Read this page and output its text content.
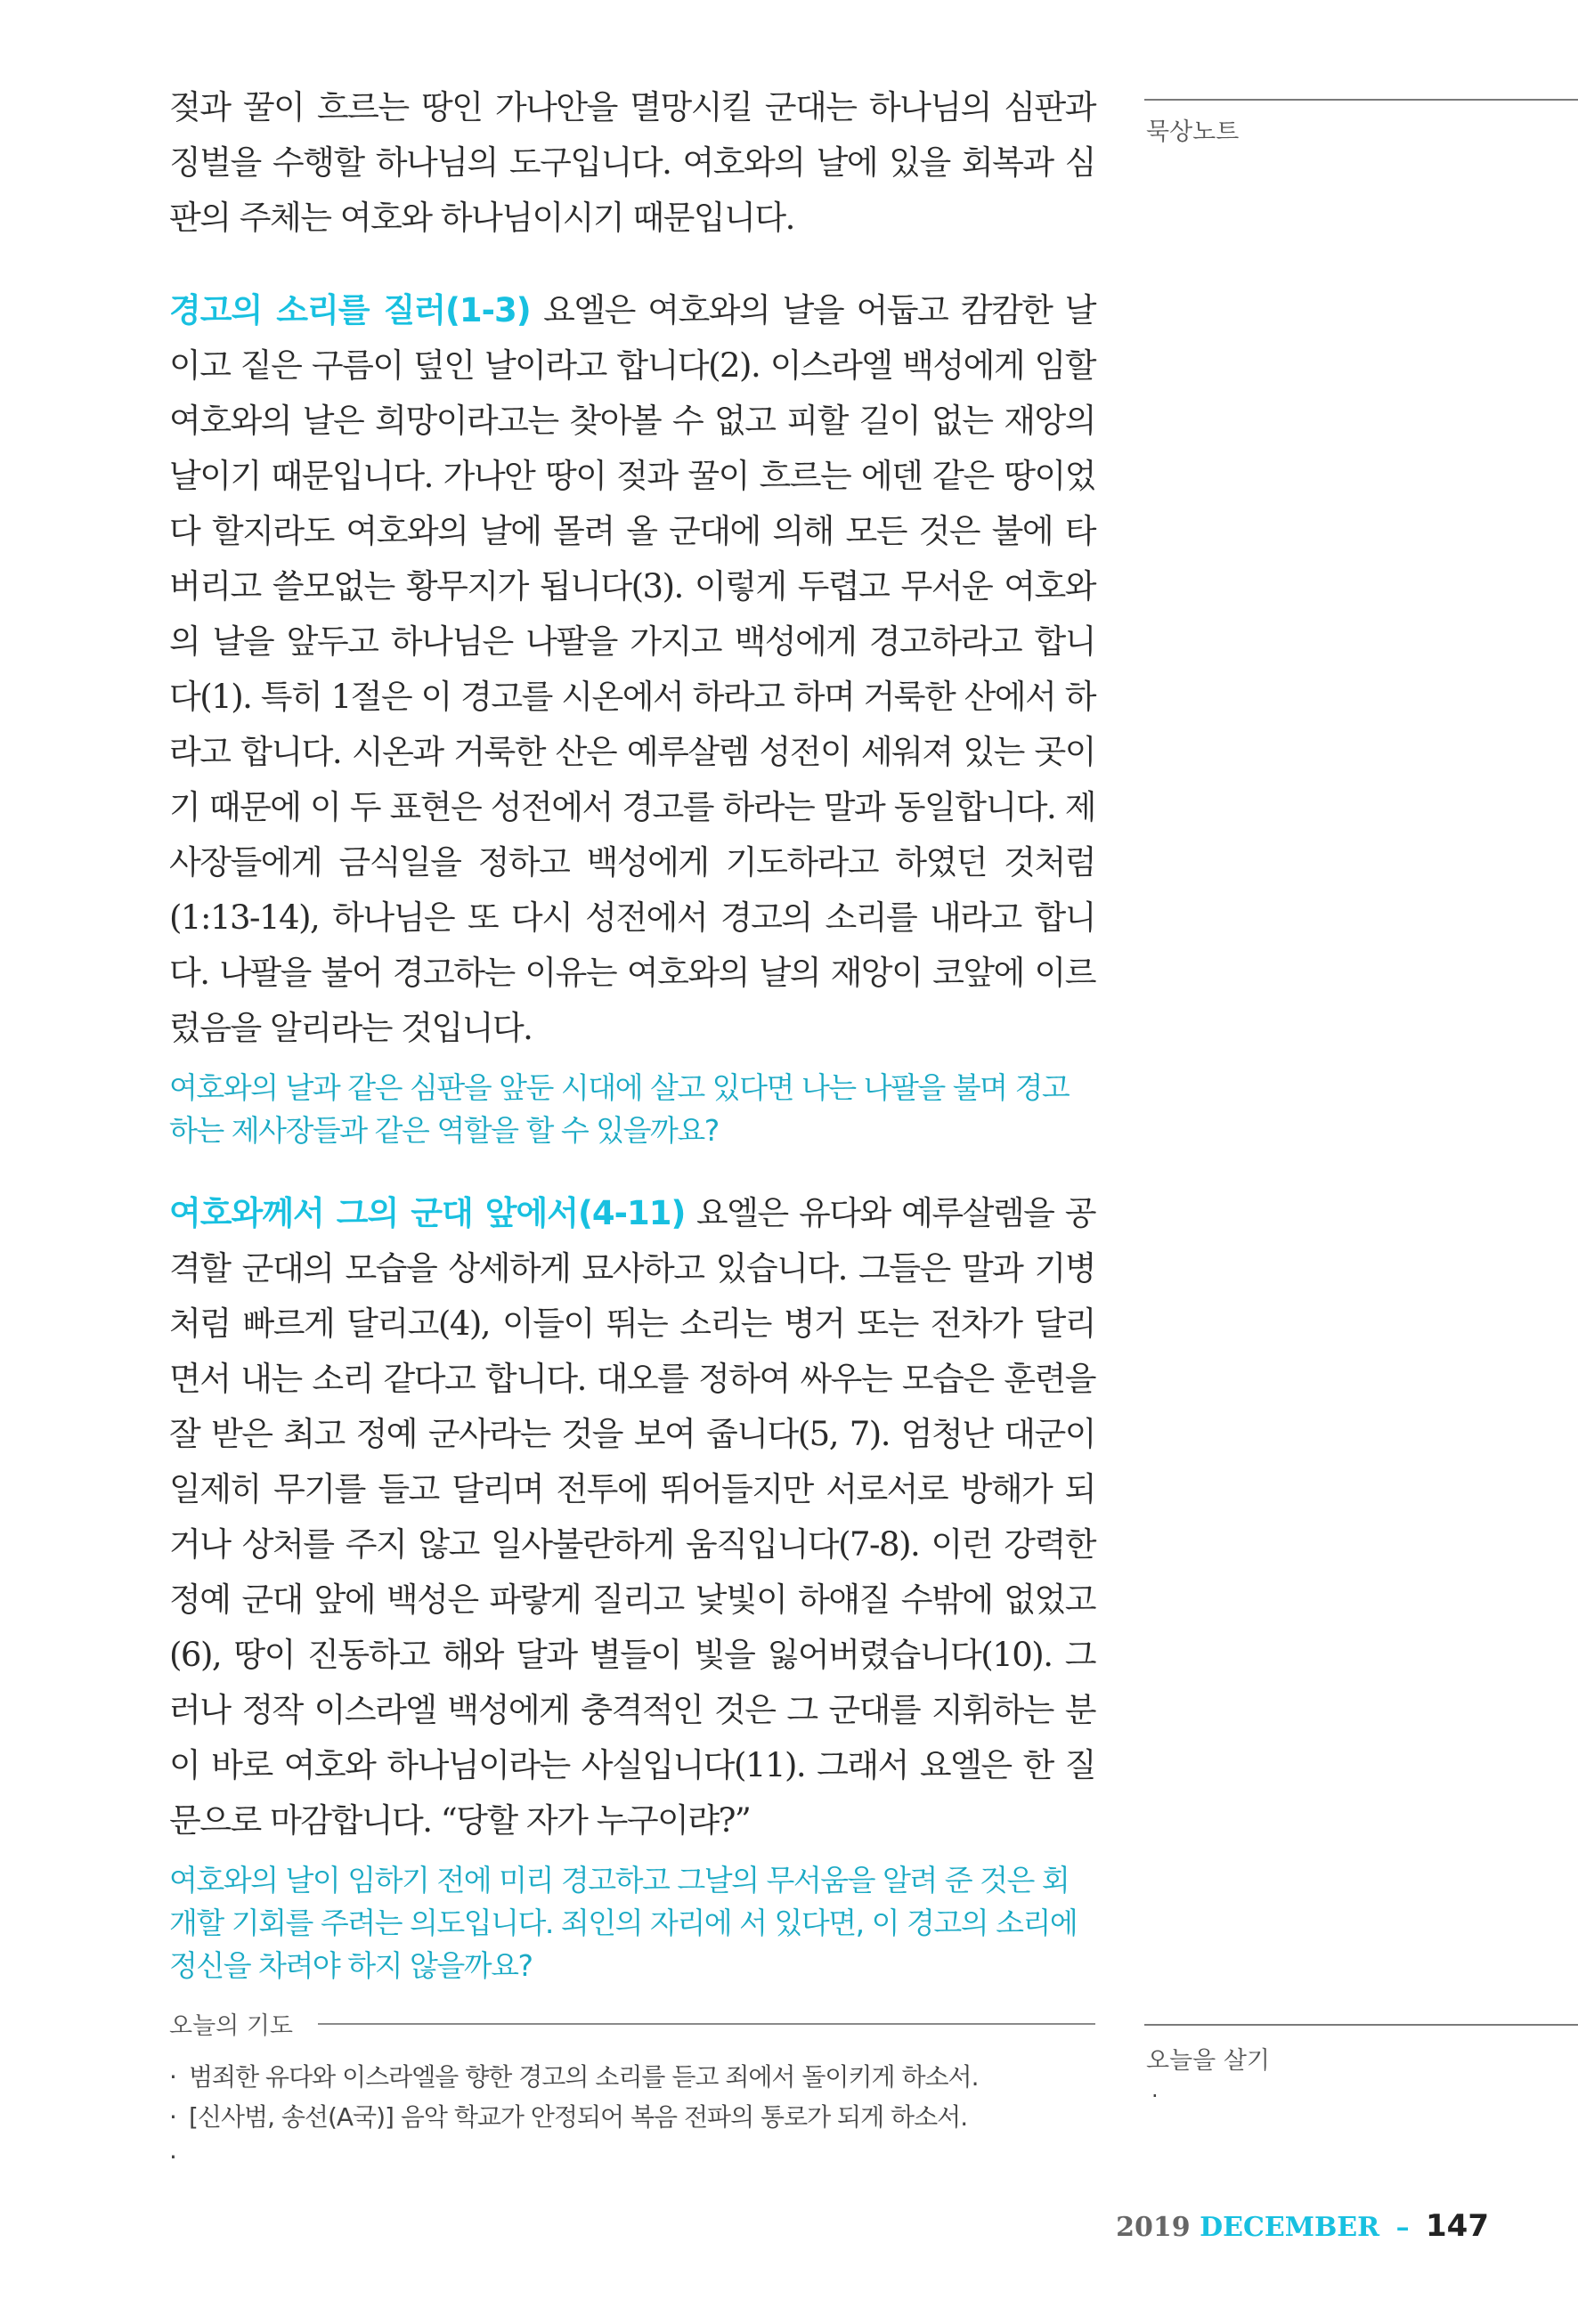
젖과 꿀이 흐르는 땅인 가나안을 멸망시킬 군대는 하나님의 심판과 징벌을 수행할 하나님의 도구입니다. 여호와의 날에 있을 회복과 심판의 주체는 여호와 하나님이시기 때문입니다.

경고의 소리를 질러(1-3) 요엘은 여호와의 날을 어둡고 캄캄한 날이고 짙은 구름이 덮인 날이라고 합니다(2). 이스라엘 백성에게 임할 여호와의 날은 희망이라고는 찾아볼 수 없고 피할 길이 없는 재앙의 날이기 때문입니다. 가나안 땅이 젖과 꿀이 흐르는 에덴 같은 땅이었다 할지라도 여호와의 날에 몰려 올 군대에 의해 모든 것은 불에 타 버리고 쓸모없는 황무지가 됩니다(3). 이렇게 두렵고 무서운 여호와의 날을 앞두고 하나님은 나팔을 가지고 백성에게 경고하라고 합니다(1). 특히 1절은 이 경고를 시온에서 하라고 하며 거룩한 산에서 하라고 합니다. 시온과 거룩한 산은 예루살렘 성전이 세워져 있는 곳이기 때문에 이 두 표현은 성전에서 경고를 하라는 말과 동일합니다. 제사장들에게 금식일을 정하고 백성에게 기도하라고 하였던 것처럼(1:13-14), 하나님은 또 다시 성전에서 경고의 소리를 내라고 합니다. 나팔을 불어 경고하는 이유는 여호와의 날의 재앙이 코앞에 이르렀음을 알리라는 것입니다.

여호와의 날과 같은 심판을 앞둔 시대에 살고 있다면 나는 나팔을 불며 경고하는 제사장들과 같은 역할을 할 수 있을까요?

여호와께서 그의 군대 앞에서(4-11) 요엘은 유다와 예루살렘을 공격할 군대의 모습을 상세하게 묘사하고 있습니다. 그들은 말과 기병처럼 빠르게 달리고(4), 이들이 뛰는 소리는 병거 또는 전차가 달리면서 내는 소리 같다고 합니다. 대오를 정하여 싸우는 모습은 훈련을 잘 받은 최고 정예 군사라는 것을 보여 줍니다(5, 7). 엄청난 대군이 일제히 무기를 들고 달리며 전투에 뛰어들지만 서로서로 방해가 되거나 상처를 주지 않고 일사불란하게 움직입니다(7-8). 이런 강력한 정예 군대 앞에 백성은 파랗게 질리고 낯빛이 하얘질 수밖에 없었고(6), 땅이 진동하고 해와 달과 별들이 빛을 잃어버렸습니다(10). 그러나 정작 이스라엘 백성에게 충격적인 것은 그 군대를 지휘하는 분이 바로 여호와 하나님이라는 사실입니다(11). 그래서 요엘은 한 질문으로 마감합니다. “당할 자가 누구이랴?”

여호와의 날이 임하기 전에 미리 경고하고 그날의 무서움을 알려 준 것은 회개할 기회를 주려는 의도입니다. 죄인의 자리에 서 있다면, 이 경고의 소리에 정신을 차려야 하지 않을까요?

묵상노트
오늘을 살기
·
오늘의 기도
· 범죄한 유다와 이스라엘을 향한 경고의 소리를 듣고 죄에서 돌이키게 하소서.
· [신사범, 송선(A국)] 음악 학교가 안정되어 복음 전파의 통로가 되게 하소서.
2019 DECEMBER – 147
